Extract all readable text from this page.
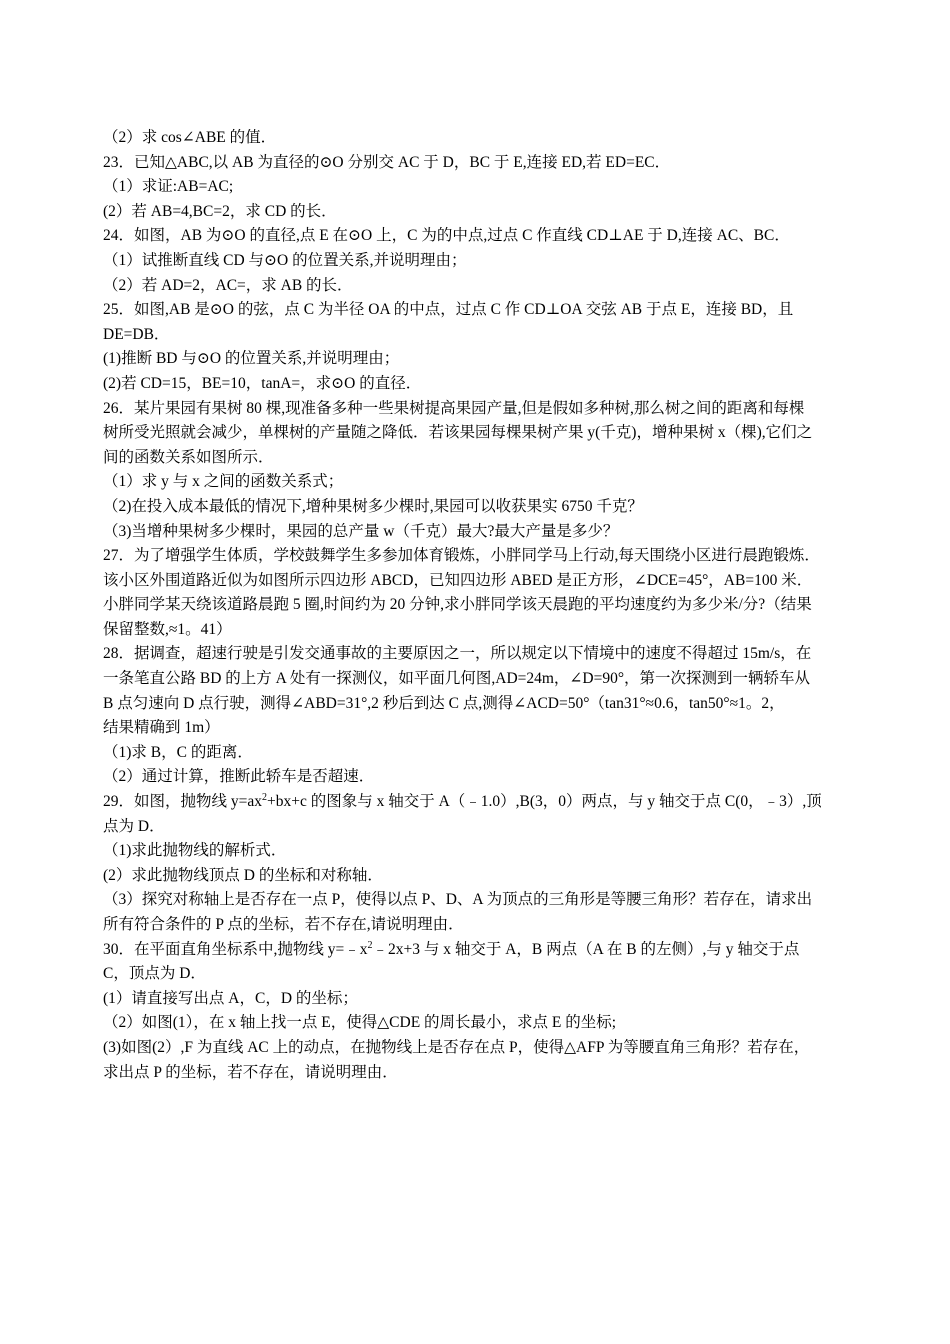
（2）求 cos∠ABE 的值．
23．已知△ABC,以 AB 为直径的⊙O 分别交 AC 于 D，BC 于 E,连接 ED,若 ED=EC．
（1）求证:AB=AC;
(2）若 AB=4,BC=2，求 CD 的长．
24．如图，AB 为⊙O 的直径,点 E 在⊙O 上，C 为的中点,过点 C 作直线 CD⊥AE 于 D,连接 AC、BC．
（1）试推断直线 CD 与⊙O 的位置关系,并说明理由；
（2）若 AD=2，AC=，求 AB 的长．
25．如图,AB 是⊙O 的弦，点 C 为半径 OA 的中点，过点 C 作 CD⊥OA 交弦 AB 于点 E，连接 BD，且
DE=DB．
(1)推断 BD 与⊙O 的位置关系,并说明理由；
(2)若 CD=15，BE=10，tanA=，求⊙O 的直径．
26．某片果园有果树 80 棵,现准备多种一些果树提高果园产量,但是假如多种树,那么树之间的距离和每棵
树所受光照就会减少，单棵树的产量随之降低．若该果园每棵果树产果 y(千克)，增种果树 x（棵),它们之
间的函数关系如图所示．
（1）求 y 与 x 之间的函数关系式；
（2)在投入成本最低的情况下,增种果树多少棵时,果园可以收获果实 6750 千克？
（3)当增种果树多少棵时，果园的总产量 w（千克）最大?最大产量是多少？
27．为了增强学生体质，学校鼓舞学生多参加体育锻炼，小胖同学马上行动,每天围绕小区进行晨跑锻炼．
该小区外围道路近似为如图所示四边形 ABCD，已知四边形 ABED 是正方形，∠DCE=45°，AB=100 米．
小胖同学某天绕该道路晨跑 5 圈,时间约为 20 分钟,求小胖同学该天晨跑的平均速度约为多少米/分?（结果
保留整数,≈1。41）
28．据调查，超速行驶是引发交通事故的主要原因之一，所以规定以下情境中的速度不得超过 15m/s，在
一条笔直公路 BD 的上方 A 处有一探测仪，如平面几何图,AD=24m，∠D=90°，第一次探测到一辆轿车从
B 点匀速向 D 点行驶，测得∠ABD=31°,2 秒后到达 C 点,测得∠ACD=50°（tan31°≈0.6，tan50°≈1。2，
结果精确到 1m）
（1)求 B，C 的距离．
（2）通过计算，推断此轿车是否超速．
29．如图，抛物线 $y=ax^2+bx+c$ 的图象与 x 轴交于 A（﹣1.0）,B(3，0）两点，与 y 轴交于点 C(0，﹣3）,顶
点为 D．
（1)求此抛物线的解析式．
(2）求此抛物线顶点 D 的坐标和对称轴．
（3）探究对称轴上是否存在一点 P，使得以点 P、D、A 为顶点的三角形是等腰三角形？若存在，请求出
所有符合条件的 P 点的坐标，若不存在,请说明理由．
30．在平面直角坐标系中,抛物线 $y=﹣x^2﹣2x+3$ 与 x 轴交于 A，B 两点（A 在 B 的左侧）,与 y 轴交于点
C，顶点为 D．
(1）请直接写出点 A，C，D 的坐标；
（2）如图(1），在 x 轴上找一点 E，使得△CDE 的周长最小，求点 E 的坐标;
(3)如图(2）,F 为直线 AC 上的动点，在抛物线上是否存在点 P，使得△AFP 为等腰直角三角形？若存在，
求出点 P 的坐标，若不存在，请说明理由．
